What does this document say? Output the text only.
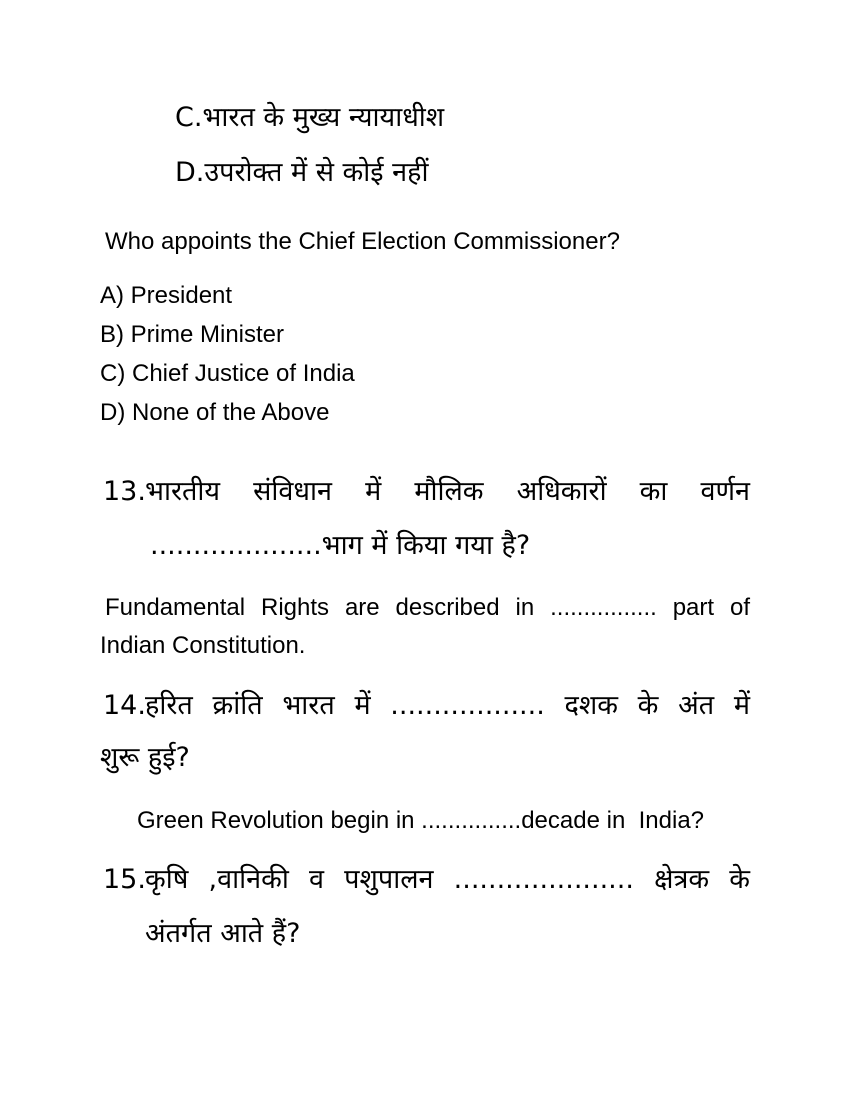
C.भारत के मुख्य न्यायाधीश
D.उपरोक्त में से कोई नहीं
Who appoints the Chief Election Commissioner?
A) President
B) Prime Minister
C) Chief Justice of India
D) None of the Above
13. भारतीय संविधान में मौलिक अधिकारों का वर्णन
....................भाग में किया गया है?
Fundamental Rights are described in ................ part of
Indian Constitution.
14. हरित क्रांति भारत में .................. दशक के अंत में
शुरू हुई?
Green Revolution begin in ...............decade in  India?
15. कृषि ,वानिकी व पशुपालन ..................... क्षेत्रक के
अंतर्गत आते हैं?
